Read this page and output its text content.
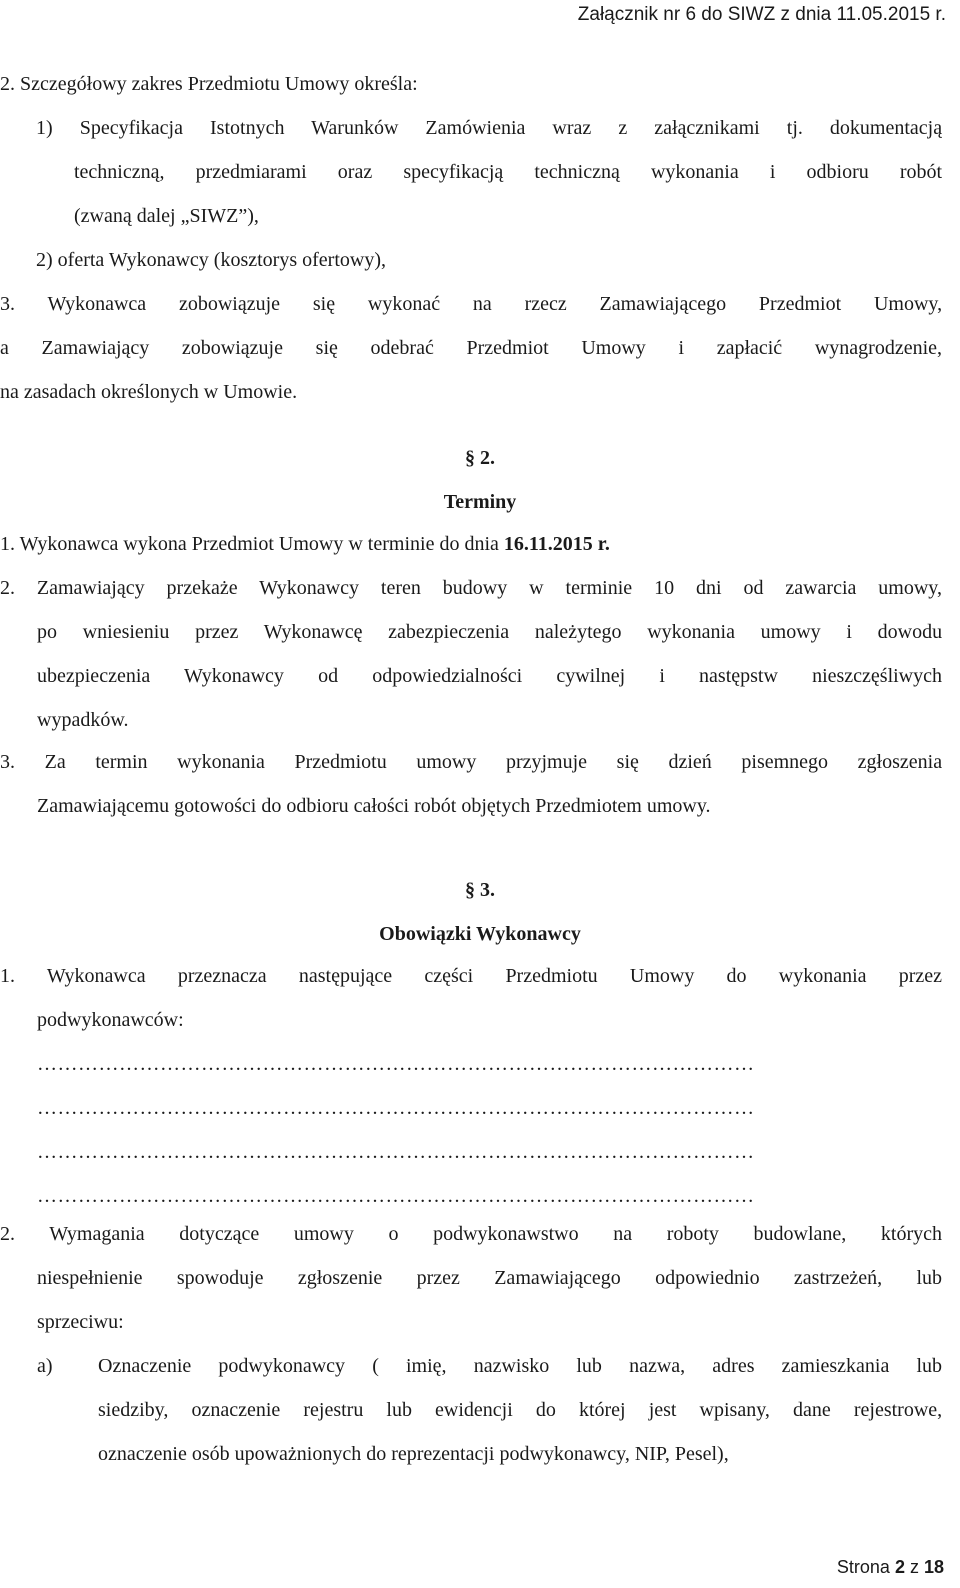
Załącznik nr 6 do SIWZ z dnia 11.05.2015 r.
2. Szczegółowy zakres Przedmiotu Umowy określa:
1) Specyfikacja Istotnych Warunków Zamówienia wraz z załącznikami tj. dokumentacją
techniczną, przedmiarami oraz specyfikacją techniczną wykonania i odbioru robót
(zwaną dalej „SIWZ”),
2) oferta Wykonawcy (kosztorys ofertowy),
3. Wykonawca zobowiązuje się wykonać na rzecz Zamawiającego Przedmiot Umowy,
a Zamawiający zobowiązuje się odebrać Przedmiot Umowy i zapłacić wynagrodzenie,
na zasadach określonych w Umowie.
§ 2.
Terminy
1. Wykonawca wykona Przedmiot Umowy w terminie do dnia 16.11.2015 r.
2. Zamawiający przekaże Wykonawcy teren budowy w terminie 10 dni od zawarcia umowy,
po wniesieniu przez Wykonawcę zabezpieczenia należytego wykonania umowy i dowodu
ubezpieczenia Wykonawcy od odpowiedzialności cywilnej i następstw nieszczęśliwych
wypadków.
3. Za termin wykonania Przedmiotu umowy przyjmuje się dzień pisemnego zgłoszenia
Zamawiającemu gotowości do odbioru całości robót objętych Przedmiotem umowy.
§ 3.
Obowiązki Wykonawcy
1. Wykonawca przeznacza następujące części Przedmiotu Umowy do wykonania przez
podwykonawców:
……………………………………………………………………………………………
……………………………………………………………………………………………
……………………………………………………………………………………………
……………………………………………………………………………………………
2. Wymagania dotyczące umowy o podwykonawstwo na roboty budowlane, których
niespełnienie spowoduje zgłoszenie przez Zamawiającego odpowiednio zastrzeżeń, lub
sprzeciwu:
a) Oznaczenie podwykonawcy ( imię, nazwisko lub nazwa, adres zamieszkania lub
siedziby, oznaczenie rejestru lub ewidencji do której jest wpisany, dane rejestrowe,
oznaczenie osób upoważnionych do reprezentacji podwykonawcy, NIP, Pesel),
Strona 2 z 18
